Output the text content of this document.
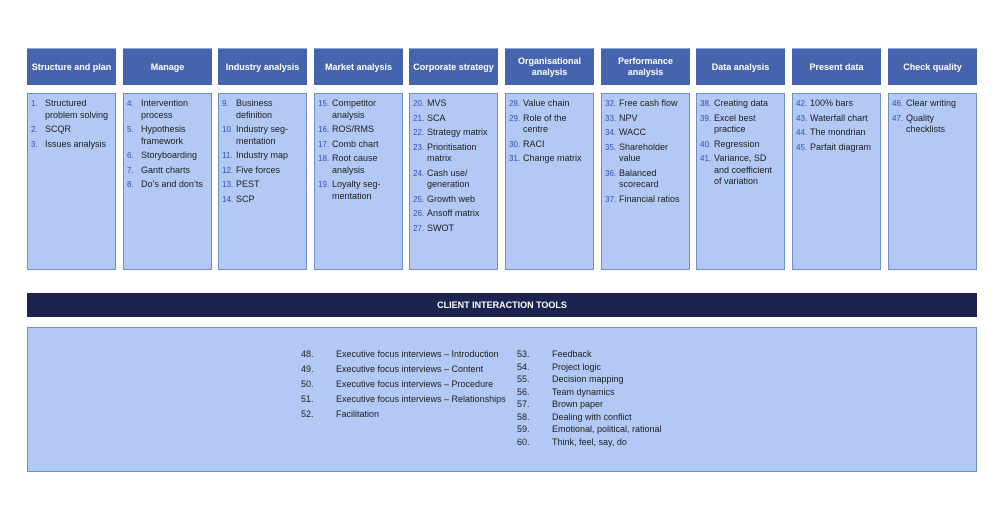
Structure and plan
1. Structured problem solving
2. SCQR
3. Issues analysis
Manage
4. Intervention process
5. Hypothesis framework
6. Storyboarding
7. Gantt charts
8. Do’s and don’ts
Industry analysis
9. Business definition
10. Industry seg- mentation
11. Industry map
12. Five forces
13. PEST
14. SCP
Market analysis
15. Competitor analysis
16. ROS/RMS
17. Comb chart
18. Root cause analysis
19. Loyalty seg- mentation
Corporate strategy
20. MVS
21. SCA
22. Strategy matrix
23. Prioritisation matrix
24. Cash use/ generation
25. Growth web
26. Ansoff matrix
27. SWOT
Organisational analysis
28. Value chain
29. Role of the centre
30. RACI
31. Change matrix
Performance analysis
32. Free cash flow
33. NPV
34. WACC
35. Shareholder value
36. Balanced scorecard
37. Financial ratios
Data analysis
38. Creating data
39. Excel best practice
40. Regression
41. Variance, SD and coefficient of variation
Present data
42. 100% bars
43. Waterfall chart
44. The mondrian
45. Parfait diagram
Check quality
46. Clear writing
47. Quality checklists
CLIENT INTERACTION TOOLS
48.	Executive focus interviews – Introduction
49.	Executive focus interviews – Content
50.	Executive focus interviews – Procedure
51.	Executive focus interviews – Relationships
52.	Facilitation
53.	Feedback
54.	Project logic
55.	Decision mapping
56.	Team dynamics
57.	Brown paper
58.	Dealing with conflict
59.	Emotional, political, rational
60.	Think, feel, say, do
